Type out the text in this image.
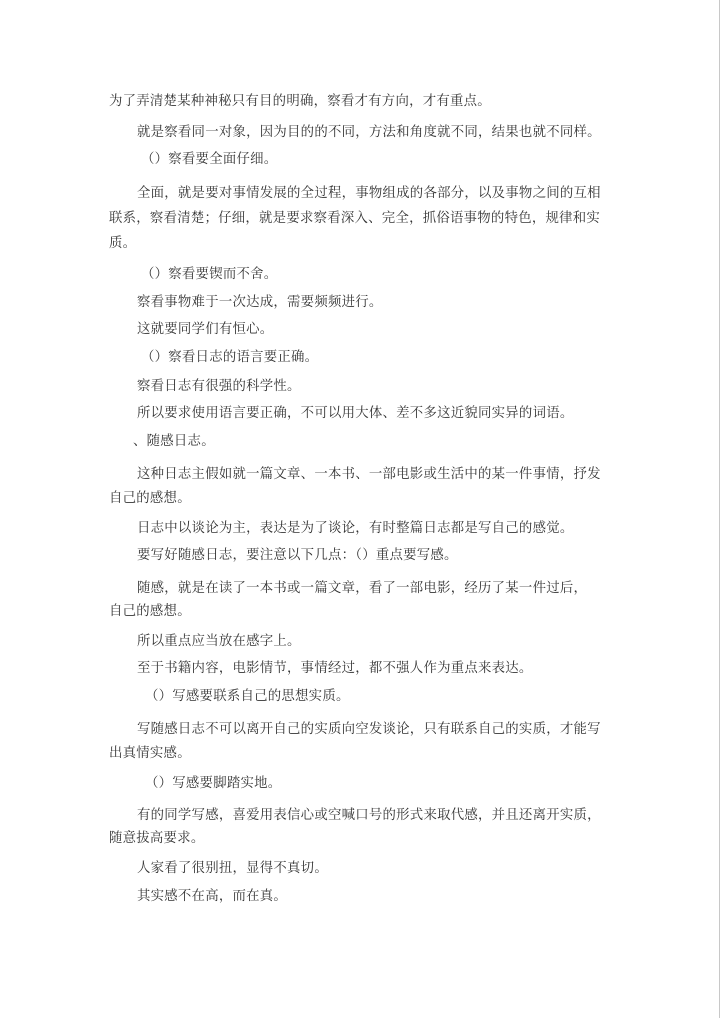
为了弄清楚某种神秘只有目的明确，察看才有方向，才有重点。
就是察看同一对象，因为目的的不同，方法和角度就不同，结果也就不同样。
（）察看要全面仔细。
全面，就是要对事情发展的全过程，事物组成的各部分，以及事物之间的互相
联系，察看清楚；仔细，就是要求察看深入、完全，抓俗语事物的特色，规律和实
质。
（）察看要锲而不舍。
察看事物难于一次达成，需要频频进行。
这就要同学们有恒心。
（）察看日志的语言要正确。
察看日志有很强的科学性。
所以要求使用语言要正确，不可以用大体、差不多这近貌同实异的词语。
、随感日志。
这种日志主假如就一篇文章、一本书、一部电影或生活中的某一件事情，抒发
自己的感想。
日志中以谈论为主，表达是为了谈论，有时整篇日志都是写自己的感觉。
要写好随感日志，要注意以下几点：（）重点要写感。
随感，就是在读了一本书或一篇文章，看了一部电影，经历了某一件过后，
自己的感想。
所以重点应当放在感字上。
至于书籍内容，电影情节，事情经过，都不强人作为重点来表达。
（）写感要联系自己的思想实质。
写随感日志不可以离开自己的实质向空发谈论，只有联系自己的实质，才能写
出真情实感。
（）写感要脚踏实地。
有的同学写感，喜爱用表信心或空喊口号的形式来取代感，并且还离开实质，
随意拔高要求。
人家看了很别扭，显得不真切。
其实感不在高，而在真。
